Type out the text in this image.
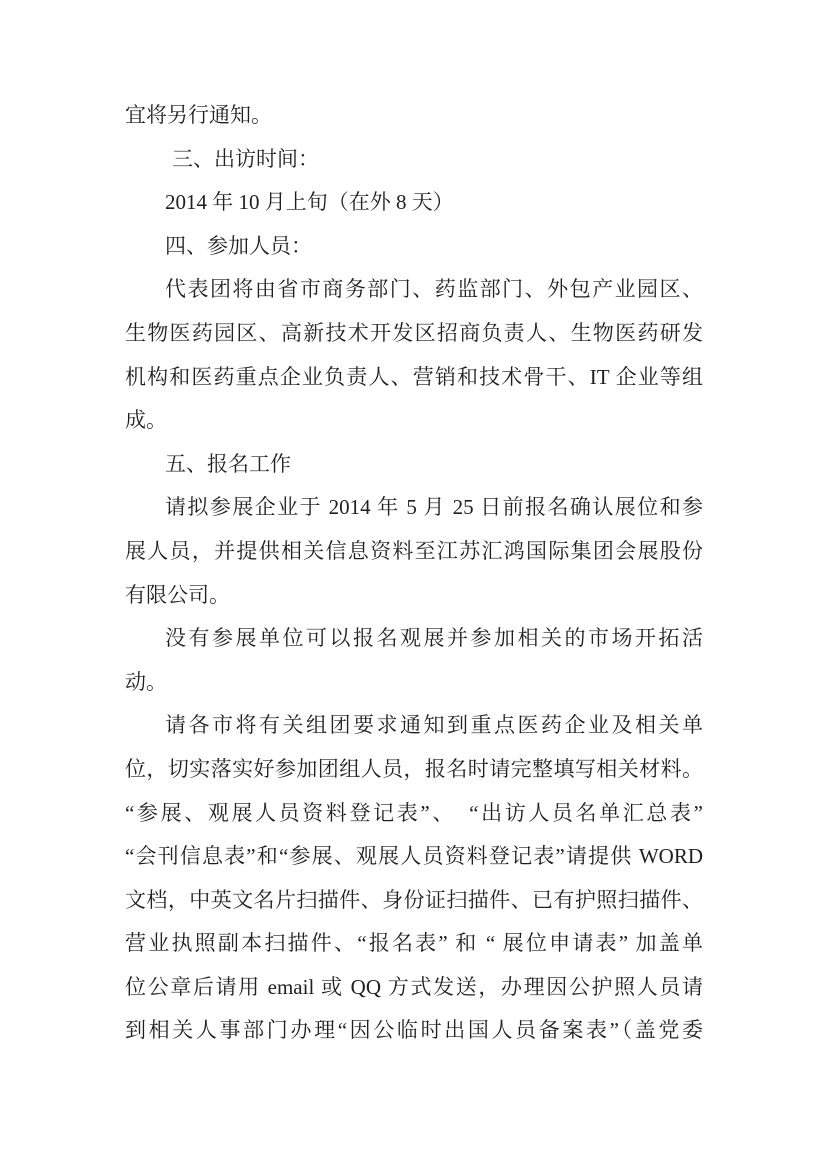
宜将另行通知。
三、出访时间：
2014 年 10 月上旬（在外 8 天）
四、参加人员：
代表团将由省市商务部门、药监部门、外包产业园区、
生物医药园区、高新技术开发区招商负责人、生物医药研发
机构和医药重点企业负责人、营销和技术骨干、IT 企业等组
成。
五、报名工作
请拟参展企业于 2014 年 5 月 25 日前报名确认展位和参
展人员，并提供相关信息资料至江苏汇鸿国际集团会展股份
有限公司。
没有参展单位可以报名观展并参加相关的市场开拓活
动。
请各市将有关组团要求通知到重点医药企业及相关单
位，切实落实好参加团组人员，报名时请完整填写相关材料。
“参展、观展人员资料登记表”、　“出访人员名单汇总表”
“会刊信息表”和“参展、观展人员资料登记表”请提供 WORD
文档，中英文名片扫描件、身份证扫描件、已有护照扫描件、
营业执照副本扫描件、“报名表” 和 “ 展位申请表” 加盖单
位公章后请用 email 或 QQ 方式发送，办理因公护照人员请
到相关人事部门办理“因公临时出国人员备案表”（盖党委
